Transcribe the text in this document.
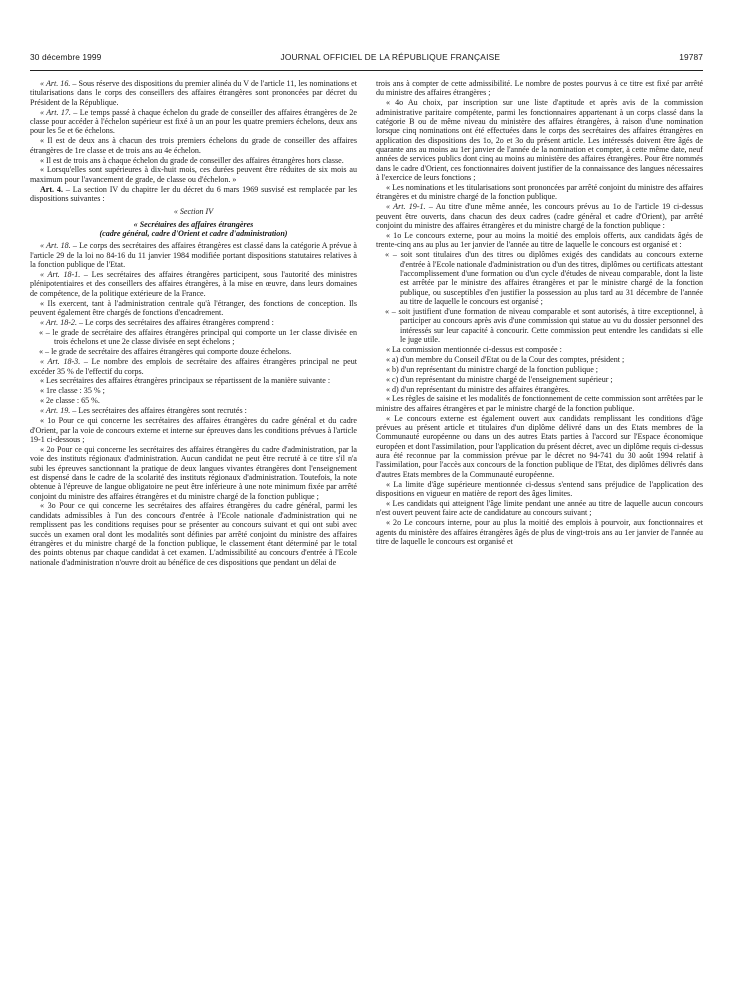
30 décembre 1999	JOURNAL OFFICIEL DE LA RÉPUBLIQUE FRANÇAISE	19787

« Art. 16. – Sous réserve des dispositions du premier alinéa du V de l'article 11, les nominations et titularisations dans le corps des conseillers des affaires étrangères sont prononcées par décret du Président de la République.

« Art. 17. – Le temps passé à chaque échelon du grade de conseiller des affaires étrangères de 2e classe pour accéder à l'échelon supérieur est fixé à un an pour les quatre premiers échelons, deux ans pour les 5e et 6e échelons.

« Il est de deux ans à chacun des trois premiers échelons du grade de conseiller des affaires étrangères de 1re classe et de trois ans au 4e échelon.

« Il est de trois ans à chaque échelon du grade de conseiller des affaires étrangères hors classe.

« Lorsqu'elles sont supérieures à dix-huit mois, ces durées peuvent être réduites de six mois au maximum pour l'avancement de grade, de classe ou d'échelon. »

Art. 4. – La section IV du chapitre Ier du décret du 6 mars 1969 susvisé est remplacée par les dispositions suivantes :

« Section IV

« Secrétaires des affaires étrangères

(cadre général, cadre d'Orient et cadre d'administration)

« Art. 18. – Le corps des secrétaires des affaires étrangères est classé dans la catégorie A prévue à l'article 29 de la loi no 84-16 du 11 janvier 1984 modifiée portant dispositions statutaires relatives à la fonction publique de l'Etat.

« Art. 18-1. – Les secrétaires des affaires étrangères participent, sous l'autorité des ministres plénipotentiaires et des conseillers des affaires étrangères, à la mise en œuvre, dans leurs domaines de compétence, de la politique extérieure de la France.

« Ils exercent, tant à l'administration centrale qu'à l'étranger, des fonctions de conception. Ils peuvent également être chargés de fonctions d'encadrement.

« Art. 18-2. – Le corps des secrétaires des affaires étrangères comprend :

« – le grade de secrétaire des affaires étrangères principal qui comporte un 1er classe divisée en trois échelons et une 2e classe divisée en sept échelons ;

« – le grade de secrétaire des affaires étrangères qui comporte douze échelons.

« Art. 18-3. – Le nombre des emplois de secrétaire des affaires étrangères principal ne peut excéder 35 % de l'effectif du corps.

« Les secrétaires des affaires étrangères principaux se répartissent de la manière suivante :

« 1re classe : 35 % ;

« 2e classe : 65 %.

« Art. 19. – Les secrétaires des affaires étrangères sont recrutés :

« 1o Pour ce qui concerne les secrétaires des affaires étrangères du cadre général et du cadre d'Orient, par la voie de concours externe et interne sur épreuves dans les conditions prévues à l'article 19-1 ci-dessous ;

« 2o Pour ce qui concerne les secrétaires des affaires étrangères du cadre d'administration, par la voie des instituts régionaux d'administration. Aucun candidat ne peut être recruté à ce titre s'il n'a subi les épreuves sanctionnant la pratique de deux langues vivantes étrangères dont l'enseignement est dispensé dans le cadre de la scolarité des instituts régionaux d'administration. Toutefois, la note obtenue à l'épreuve de langue obligatoire ne peut être inférieure à une note minimum fixée par arrêté conjoint du ministre des affaires étrangères et du ministre chargé de la fonction publique ;

« 3o Pour ce qui concerne les secrétaires des affaires étrangères du cadre général, parmi les candidats admissibles à l'un des concours d'entrée à l'Ecole nationale d'administration qui ne remplissent pas les conditions requises pour se présenter au concours suivant et qui ont subi avec succès un examen oral dont les modalités sont définies par arrêté conjoint du ministre des affaires étrangères et du ministre chargé de la fonction publique, le classement étant déterminé par le total des points obtenus par chaque candidat à cet examen. L'admissibilité au concours d'entrée à l'Ecole nationale d'administration n'ouvre droit au bénéfice de ces dispositions que pendant un délai de

trois ans à compter de cette admissibilité. Le nombre de postes pourvus à ce titre est fixé par arrêté du ministre des affaires étrangères ;

« 4o Au choix, par inscription sur une liste d'aptitude et après avis de la commission administrative paritaire compétente, parmi les fonctionnaires appartenant à un corps classé dans la catégorie B ou de même niveau du ministère des affaires étrangères, à raison d'une nomination lorsque cinq nominations ont été effectuées dans le corps des secrétaires des affaires étrangères en application des dispositions des 1o, 2o et 3o du présent article. Les intéressés doivent être âgés de quarante ans au moins au 1er janvier de l'année de la nomination et compter, à cette même date, neuf années de services publics dont cinq au moins au ministère des affaires étrangères. Pour être nommés dans le cadre d'Orient, ces fonctionnaires doivent justifier de la connaissance des langues nécessaires à l'exercice de leurs fonctions ;

« Les nominations et les titularisations sont prononcées par arrêté conjoint du ministre des affaires étrangères et du ministre chargé de la fonction publique.

« Art. 19-1. – Au titre d'une même année, les concours prévus au 1o de l'article 19 ci-dessus peuvent être ouverts, dans chacun des deux cadres (cadre général et cadre d'Orient), par arrêté conjoint du ministre des affaires étrangères et du ministre chargé de la fonction publique :

« 1o Le concours externe, pour au moins la moitié des emplois offerts, aux candidats âgés de trente-cinq ans au plus au 1er janvier de l'année au titre de laquelle le concours est organisé et :

« – soit sont titulaires d'un des titres ou diplômes exigés des candidats au concours externe d'entrée à l'Ecole nationale d'administration ou d'un des titres, diplômes ou certificats attestant l'accomplissement d'une formation ou d'un cycle d'études de niveau comparable, dont la liste est arrêtée par le ministre des affaires étrangères et par le ministre chargé de la fonction publique, ou susceptibles d'en justifier la possession au plus tard au 31 décembre de l'année au titre de laquelle le concours est organisé ;

« – soit justifient d'une formation de niveau comparable et sont autorisés, à titre exceptionnel, à participer au concours après avis d'une commission qui statue au vu du dossier personnel des intéressés sur leur capacité à concourir. Cette commission peut entendre les candidats si elle le juge utile.

« La commission mentionnée ci-dessus est composée :

« a) d'un membre du Conseil d'Etat ou de la Cour des comptes, président ;

« b) d'un représentant du ministre chargé de la fonction publique ;

« c) d'un représentant du ministre chargé de l'enseignement supérieur ;

« d) d'un représentant du ministre des affaires étrangères.

« Les règles de saisine et les modalités de fonctionnement de cette commission sont arrêtées par le ministre des affaires étrangères et par le ministre chargé de la fonction publique.

« Le concours externe est également ouvert aux candidats remplissant les conditions d'âge prévues au présent article et titulaires d'un diplôme délivré dans un des Etats membres de la Communauté européenne ou dans un des autres Etats parties à l'accord sur l'Espace économique européen et dont l'assimilation, pour l'application du présent décret, avec un diplôme requis ci-dessus aura été reconnue par la commission prévue par le décret no 94-741 du 30 août 1994 relatif à l'assimilation, pour l'accès aux concours de la fonction publique de l'Etat, des diplômes délivrés dans d'autres Etats membres de la Communauté européenne.

« La limite d'âge supérieure mentionnée ci-dessus s'entend sans préjudice de l'application des dispositions en vigueur en matière de report des âges limites.

« Les candidats qui atteignent l'âge limite pendant une année au titre de laquelle aucun concours n'est ouvert peuvent faire acte de candidature au concours suivant ;

« 2o Le concours interne, pour au plus la moitié des emplois à pourvoir, aux fonctionnaires et agents du ministère des affaires étrangères âgés de plus de vingt-trois ans au 1er janvier de l'année au titre de laquelle le concours est organisé et
